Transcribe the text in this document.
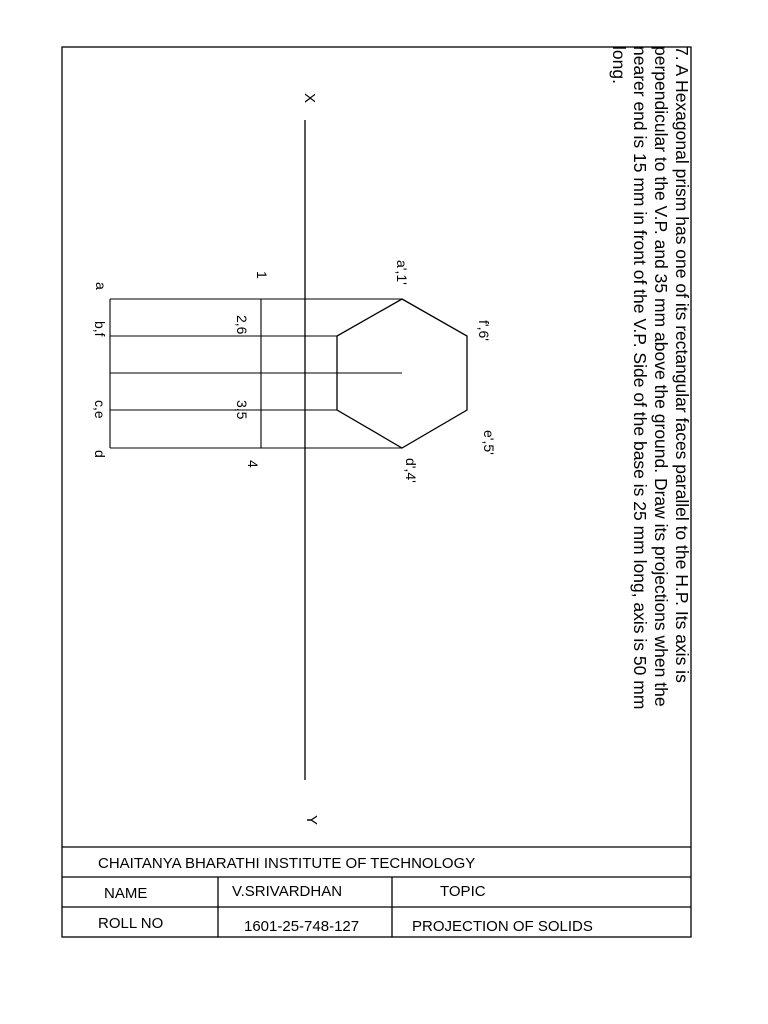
CHAITANYA BHARATHI INSTITUTE OF TECHNOLOGY
NAME	V.SRIVARDHAN	TOPIC
ROLL NO	1601-25-748-127	PROJECTION OF SOLIDS
7. A Hexagonal prism has one of its rectangular faces parallel to the H.P. Its axis is
perpendicular to the V.P. and 35 mm above the ground. Draw its projections when the
nearer end is 15 mm in front of the V.P. Side of the base is 25 mm long, axis is 50 mm
long.
X
Y
a',1'
f',6'
e',5'
d',4'
a
b,f
c,e
d
1
2,6
3,5
4
